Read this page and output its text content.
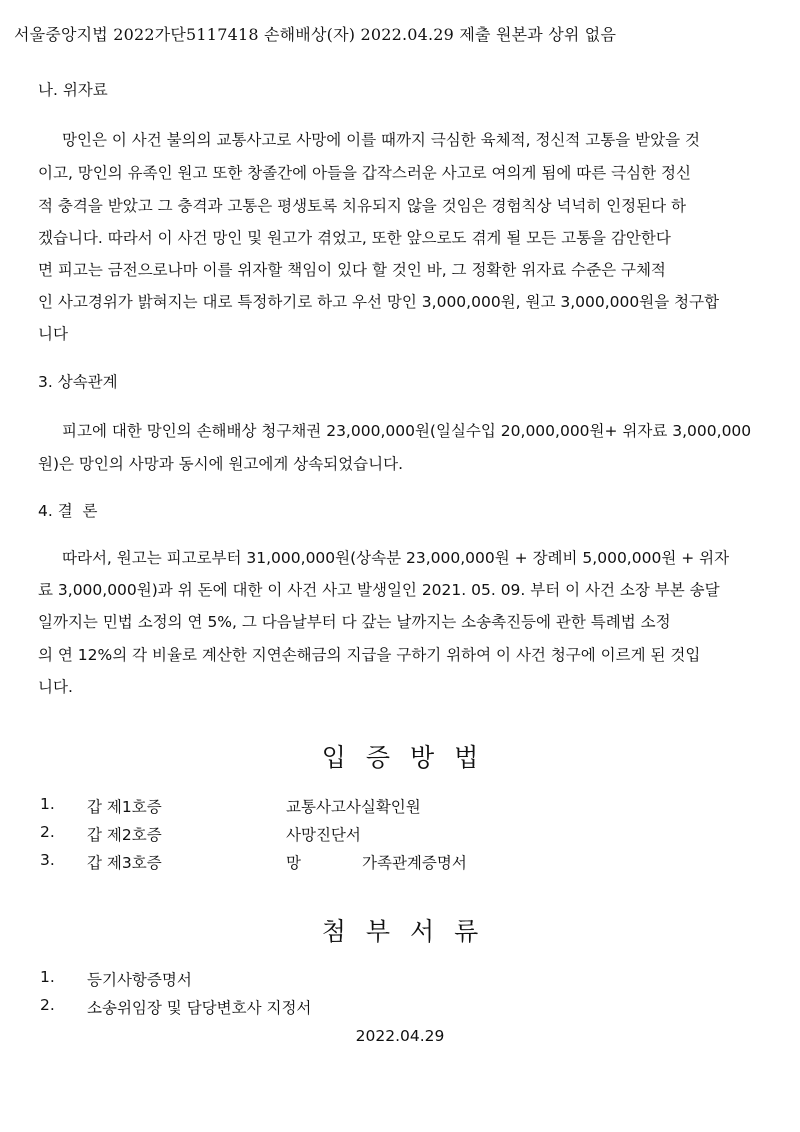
서울중앙지법 2022가단5117418 손해배상(자) 2022.04.29 제출 원본과 상위 없음
나. 위자료
망인은 이 사건 불의의 교통사고로 사망에 이를 때까지 극심한 육체적, 정신적 고통을 받았을 것
이고, 망인의 유족인 원고 또한 창졸간에 아들을 갑작스러운 사고로 여의게 됨에 따른 극심한 정신
적 충격을 받았고 그 충격과 고통은 평생토록 치유되지 않을 것임은 경험칙상 넉넉히 인정된다 하
겠습니다. 따라서 이 사건 망인 및 원고가 겪었고, 또한 앞으로도 겪게 될 모든 고통을 감안한다
면 피고는 금전으로나마 이를 위자할 책임이 있다 할 것인 바, 그 정확한 위자료 수준은 구체적
인 사고경위가 밝혀지는 대로 특정하기로 하고 우선 망인 3,000,000원, 원고 3,000,000원을 청구합
니다
3. 상속관계
피고에 대한 망인의 손해배상 청구채권 23,000,000원(일실수입 20,000,000원+ 위자료 3,000,000
원)은 망인의 사망과 동시에 원고에게 상속되었습니다.
4. 결  론
따라서, 원고는 피고로부터 31,000,000원(상속분 23,000,000원 + 장례비 5,000,000원 + 위자
료 3,000,000원)과 위 돈에 대한 이 사건 사고 발생일인 2021. 05. 09. 부터 이 사건 소장 부본 송달
일까지는 민법 소정의 연 5%, 그 다음날부터 다 갚는 날까지는 소송촉진등에 관한 특례법 소정
의 연 12%의 각 비율로 계산한 지연손해금의 지급을 구하기 위하여 이 사건 청구에 이르게 된 것입
니다.
입증방법
1. 갑 제1호증	교통사고사실확인원
2. 갑 제2호증	사망진단서
3. 갑 제3호증	망	가족관계증명서
첨부서류
1. 등기사항증명서
2. 소송위임장 및 담당변호사 지정서
2022.04.29
